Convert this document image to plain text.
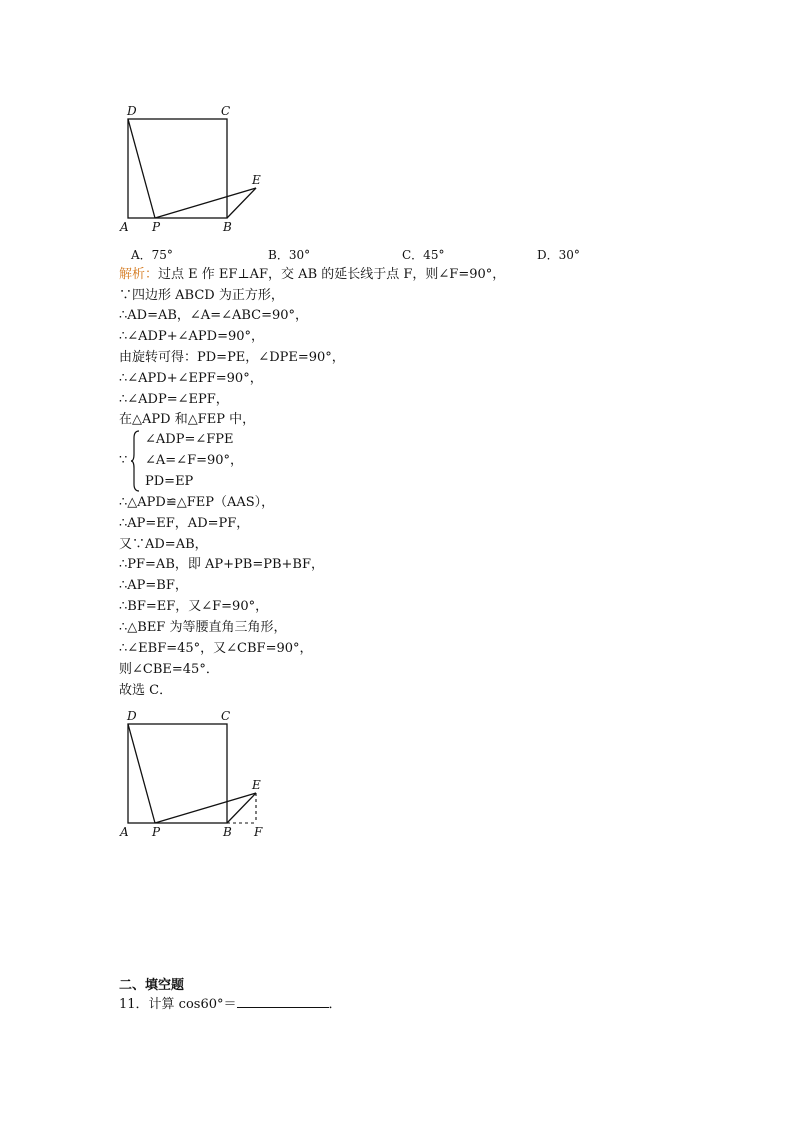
D	C
E
A P	B
A．75°	B．30°	C．45°	D．30°
解析：过点 E 作 EF⊥AF，交 AB 的延长线于点 F，则∠F=90°，
∵四边形 ABCD 为正方形，
∴AD=AB，∠A=∠ABC=90°，
∴∠ADP+∠APD=90°，
由旋转可得：PD=PE，∠DPE=90°，
∴∠APD+∠EPF=90°，
∴∠ADP=∠EPF，
在△APD 和△FEP 中，
∵
∠ADP=∠FPE
∠A=∠F=90°，
PD=EP
∴△APD≌△FEP（AAS），
∴AP=EF，AD=PF，
又∵AD=AB，
∴PF=AB，即 AP+PB=PB+BF，
∴AP=BF，
∴BF=EF，又∠F=90°，
∴△BEF 为等腰直角三角形，
∴∠EBF=45°，又∠CBF=90°，
则∠CBE=45°．
故选 C．
D	C
E
A P	B F
二、填空题
11．计算 cos60°＝	．
